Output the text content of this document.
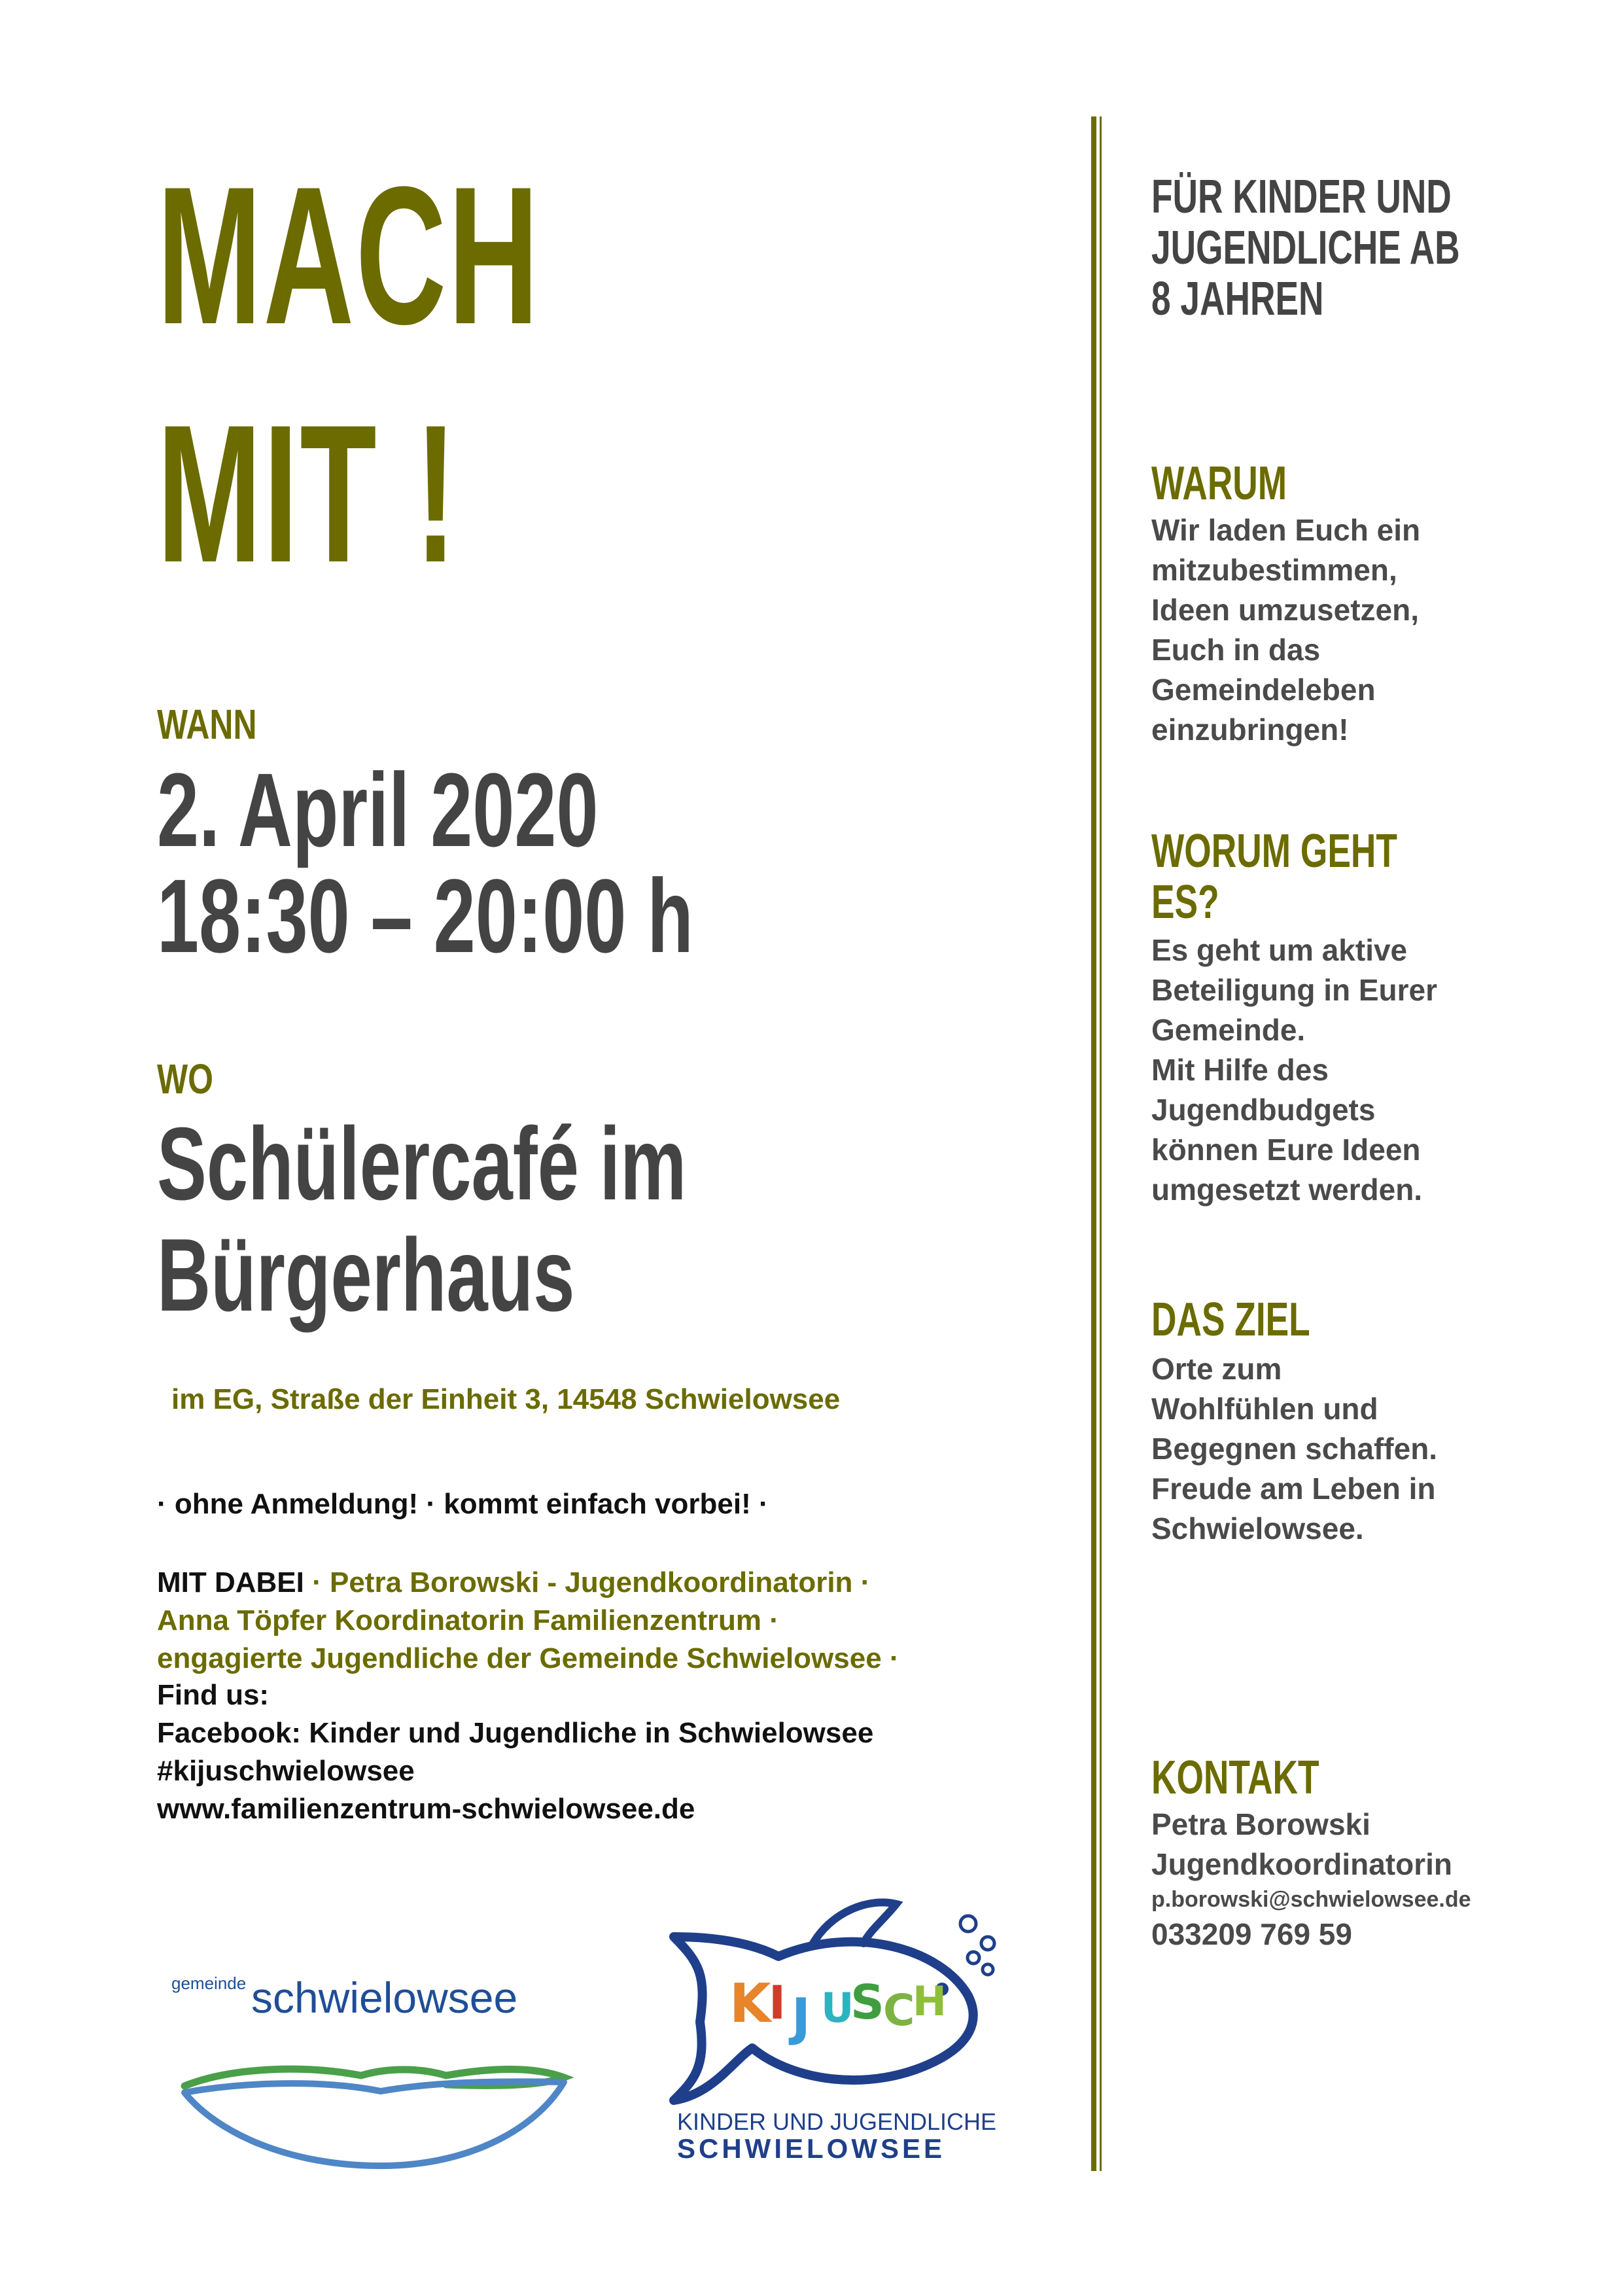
MACH
MIT !
WANN
2. April 2020
18:30 – 20:00 h
WO
Schülercafé im
Bürgerhaus
im EG, Straße der Einheit 3, 14548 Schwielowsee
· ohne Anmeldung! · kommt einfach vorbei! ·
MIT DABEI · Petra Borowski - Jugendkoordinatorin ·
Anna Töpfer Koordinatorin Familienzentrum ·
engagierte Jugendliche der Gemeinde Schwielowsee ·
Find us:
Facebook: Kinder und Jugendliche in Schwielowsee
#kijuschwielowsee
www.familienzentrum-schwielowsee.de
FÜR KINDER UND
JUGENDLICHE AB
8 JAHREN
WARUM
Wir laden Euch ein
mitzubestimmen,
Ideen umzusetzen,
Euch in das
Gemeindeleben
einzubringen!
WORUM GEHT
ES?
Es geht um aktive
Beteiligung in Eurer
Gemeinde.
Mit Hilfe des
Jugendbudgets
können Eure Ideen
umgesetzt werden.
DAS ZIEL
Orte zum
Wohlfühlen und
Begegnen schaffen.
Freude am Leben in
Schwielowsee.
KONTAKT
Petra Borowski
Jugendkoordinatorin
p.borowski@schwielowsee.de
033209 769 59
gemeinde schwielowsee	K
I J U
S
C
H
KINDER UND JUGENDLICHE
SCHWIELOWSEE
